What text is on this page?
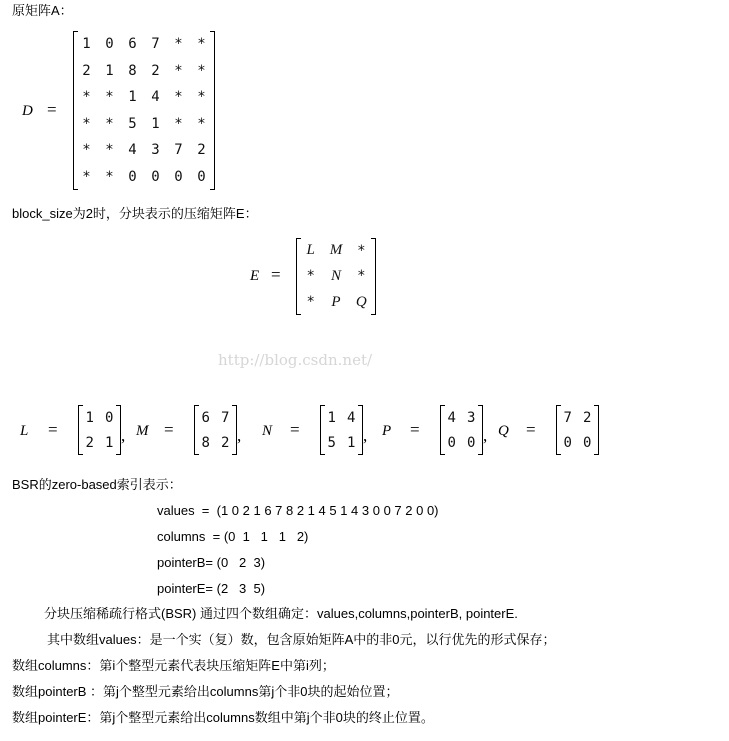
原矩阵A：
D =
1	0	6	7	*	*
2	1	8	2	*	*
*	*	1	4	*	*
*	*	5	1	*	*
*	*	4	3	7	2
*	*	0	0	0	0
block_size为2时，分块表示的压缩矩阵E：
E =
L M	*
*	N	*
*	P	Q
http://blog.csdn.net/
L =
1 0
2 1 , M =
6 7
8 2 , N =
1 4
5 1 , P =
4 3
0 0 , Q =
7 2
0 0
BSR的zero-based索引表示：
values  =  (1 0 2 1 6 7 8 2 1 4 5 1 4 3 0 0 7 2 0 0)
columns  = (0  1   1   1   2)
pointerB= (0   2  3)
pointerE= (2   3  5)
分块压缩稀疏行格式(BSR) 通过四个数组确定：values,columns,pointerB, pointerE.
其中数组values：是一个实（复）数，包含原始矩阵A中的非0元，以行优先的形式保存；
数组columns：第i个整型元素代表块压缩矩阵E中第i列；
数组pointerB ：第j个整型元素给出columns第j个非0块的起始位置；
数组pointerE：第j个整型元素给出columns数组中第j个非0块的终止位置。
